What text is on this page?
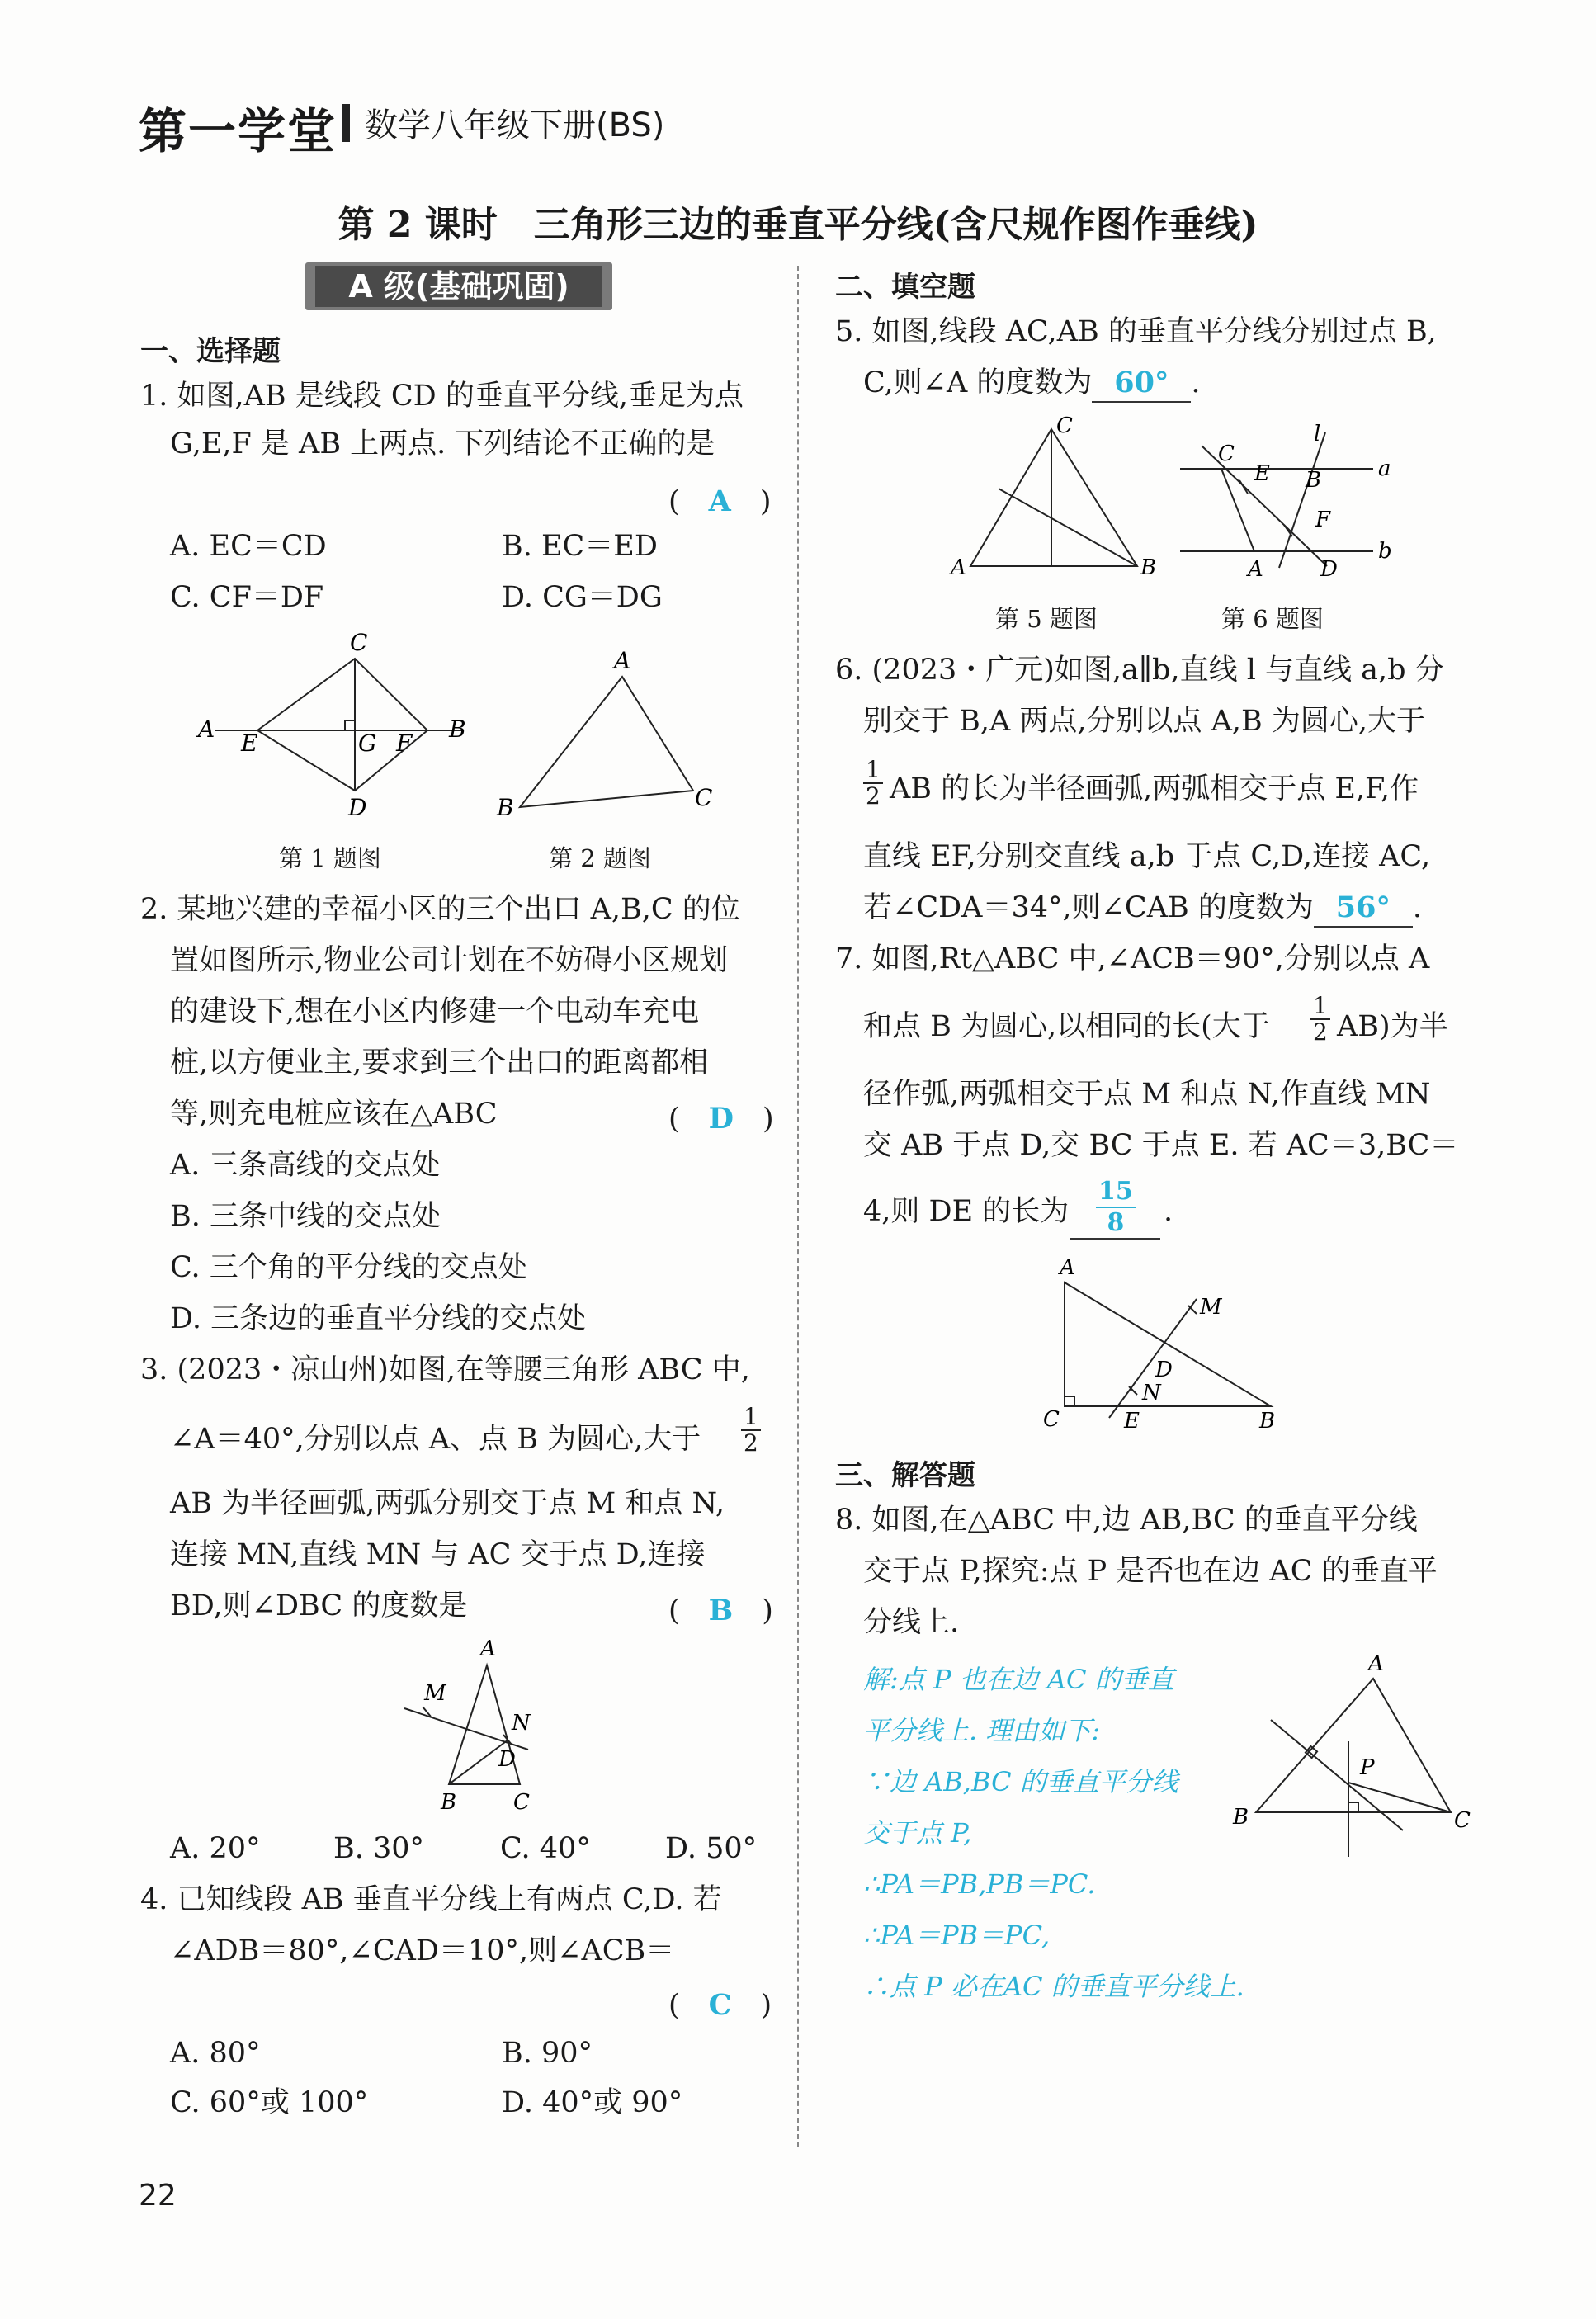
第一学堂 数学八年级下册(BS)
第 2 课时　三角形三边的垂直平分线(含尺规作图作垂线)
A 级(基础巩固)
一、选择题
1. 如图,AB 是线段 CD 的垂直平分线,垂足为点
G,E,F 是 AB 上两点. 下列结论不正确的是
(　A　)
A. EC＝CD	B. EC＝ED
C. CF＝DF	D. CG＝DG
C
A
E	G F
B
D
A
B	C
第 1 题图	第 2 题图
2. 某地兴建的幸福小区的三个出口 A,B,C 的位
置如图所示,物业公司计划在不妨碍小区规划
的建设下,想在小区内修建一个电动车充电
桩,以方便业主,要求到三个出口的距离都相
等,则充电桩应该在△ABC	(　D　)
A. 三条高线的交点处
B. 三条中线的交点处
C. 三个角的平分线的交点处
D. 三条边的垂直平分线的交点处
3. (2023・凉山州)如图,在等腰三角形 ABC 中,
∠A＝40°,分别以点 A、点 B 为圆心,大于 $\frac{1}{2}$
AB 为半径画弧,两弧分别交于点 M 和点 N,
连接 MN,直线 MN 与 AC 交于点 D,连接
BD,则∠DBC 的度数是	(　B　)
A
M
N
D
B	C
A. 20°	B. 30°	C. 40°	D. 50°
4. 已知线段 AB 垂直平分线上有两点 C,D. 若
∠ADB＝80°,∠CAD＝10°,则∠ACB＝
(　C　)
A. 80°	B. 90°
C. 60°或 100°	D. 40°或 90°
二、填空题
5. 如图,线段 AC,AB 的垂直平分线分别过点 B,
C,则∠A 的度数为 60° .
C
A	B
C
E B
l
a
b
F
A	D
第 5 题图	第 6 题图
6. (2023・广元)如图,a∥b,直线 l 与直线 a,b 分
别交于 B,A 两点,分别以点 A,B 为圆心,大于
$\frac{1}{2}$ AB 的长为半径画弧,两弧相交于点 E,F,作
直线 EF,分别交直线 a,b 于点 C,D,连接 AC,
若∠CDA＝34°,则∠CAB 的度数为 56° .
7. 如图,Rt△ABC 中,∠ACB＝90°,分别以点 A
和点 B 为圆心,以相同的长(大于 $\frac{1}{2} AB$)为半
径作弧,两弧相交于点 M 和点 N,作直线 MN
交 AB 于点 D,交 BC 于点 E. 若 AC＝3,BC＝
4,则 DE 的长为 $\frac{15}{8}$ .
A
M
D
N
C	E	B
三、解答题
8. 如图,在△ABC 中,边 AB,BC 的垂直平分线
交于点 P,探究:点 P 是否也在边 AC 的垂直平
分线上.
解:点 P 也在边 AC 的垂直
平分线上. 理由如下:
∵边 AB,BC 的垂直平分线
交于点 P,
∴PA＝PB,PB＝PC.
∴PA＝PB＝PC,
∴点 P 必在AC 的垂直平分线上.
A
P
B	C
22
